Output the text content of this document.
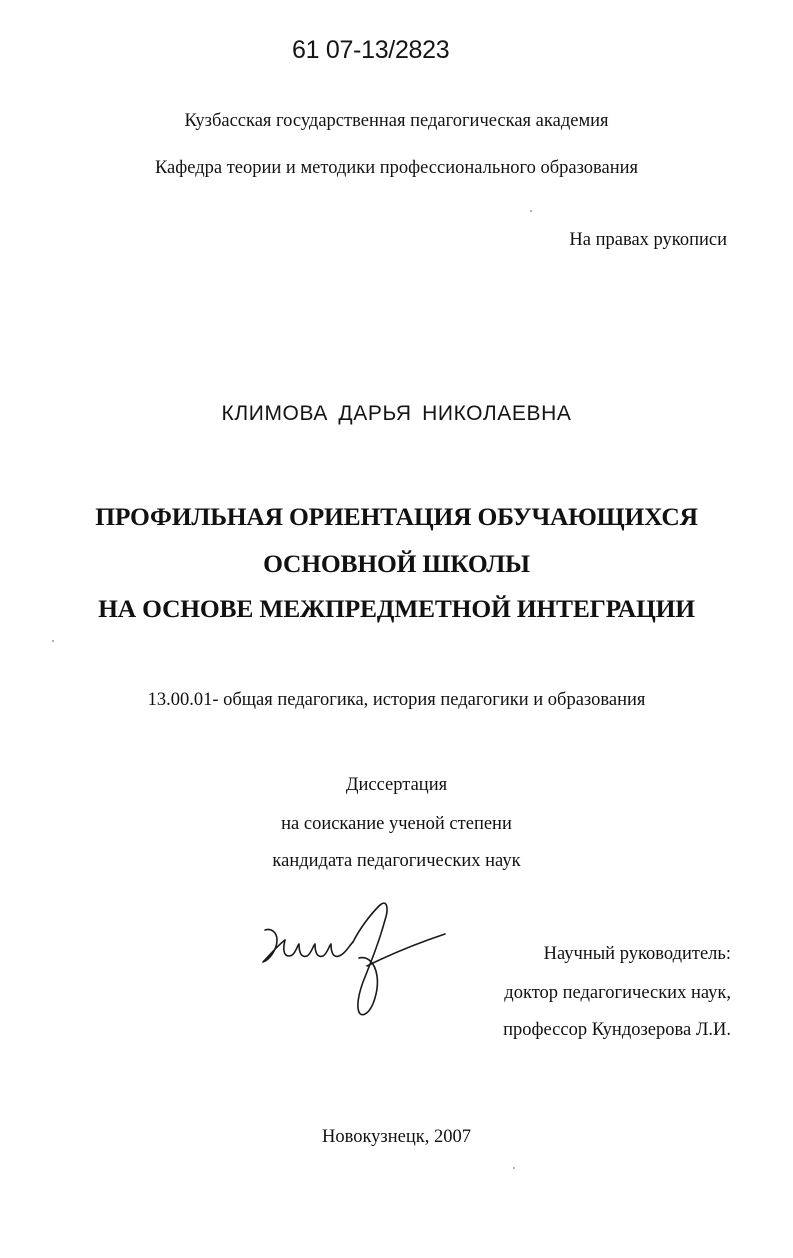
61 07-13/2823
Кузбасская государственная педагогическая академия
Кафедра теории и методики профессионального образования
На правах рукописи
КЛИМОВА ДАРЬЯ НИКОЛАЕВНА
ПРОФИЛЬНАЯ ОРИЕНТАЦИЯ ОБУЧАЮЩИХСЯ
ОСНОВНОЙ ШКОЛЫ
НА ОСНОВЕ МЕЖПРЕДМЕТНОЙ ИНТЕГРАЦИИ
13.00.01- общая педагогика, история педагогики и образования
Диссертация
на соискание ученой степени
кандидата педагогических наук
Научный руководитель:
доктор педагогических наук,
профессор Кундозерова Л.И.
Новокузнецк, 2007
